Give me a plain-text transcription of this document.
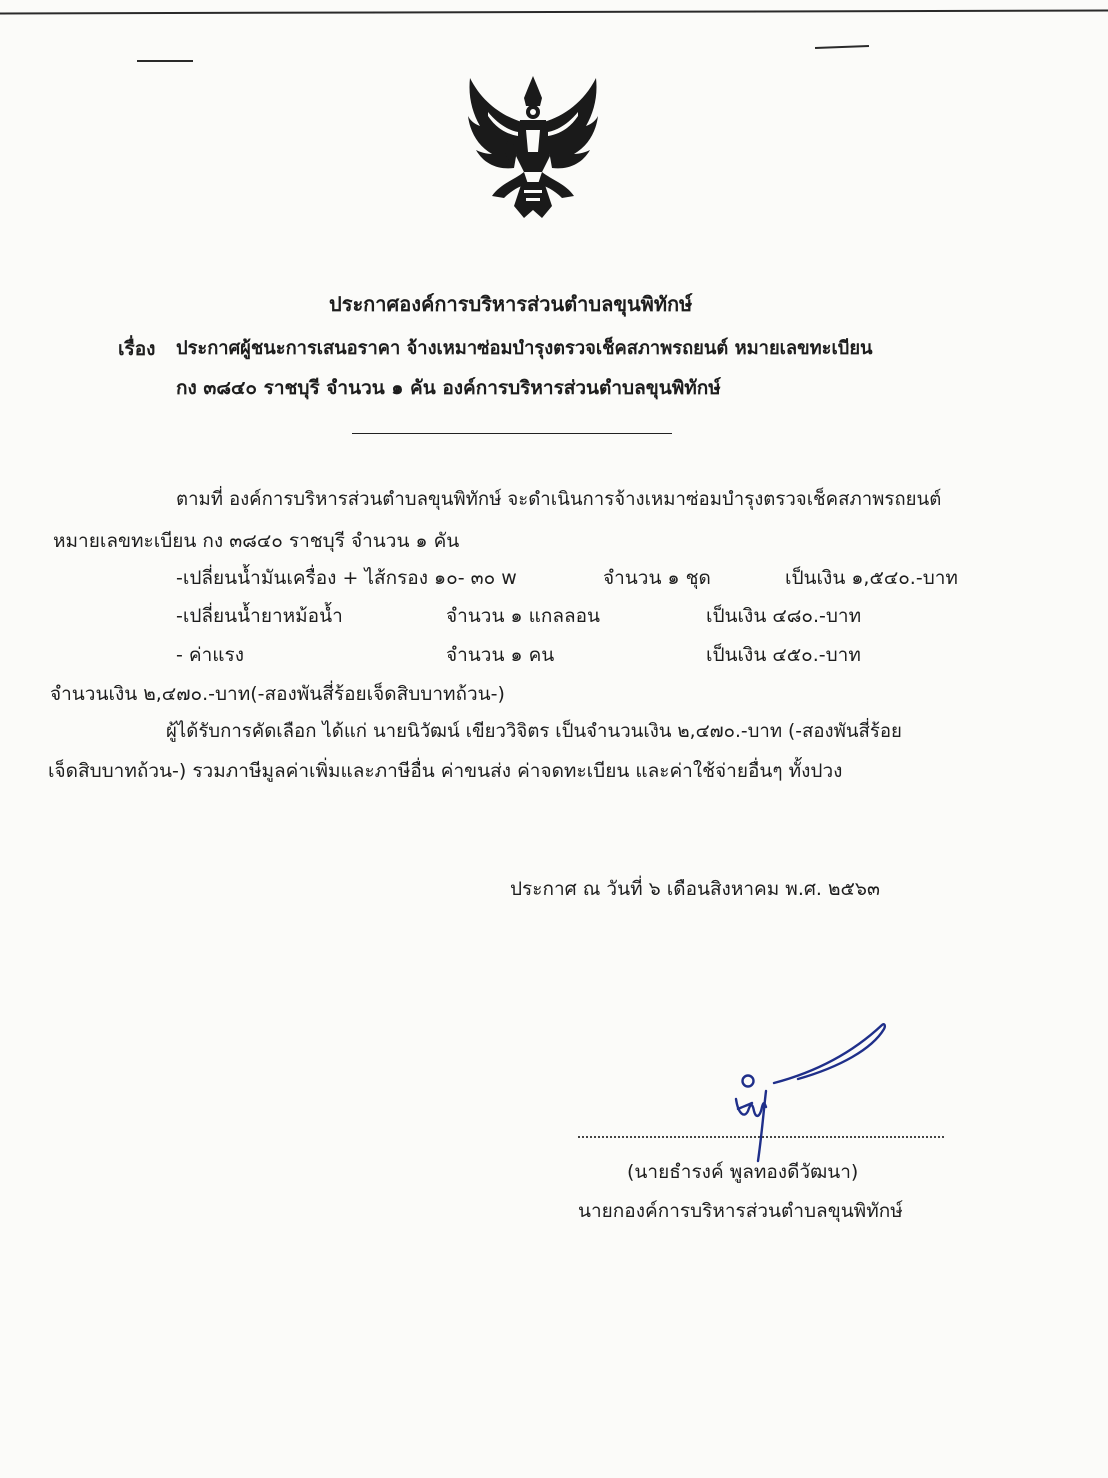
ประกาศองค์การบริหารส่วนตำบลขุนพิทักษ์
เรื่อง ประกาศผู้ชนะการเสนอราคา จ้างเหมาซ่อมบำรุงตรวจเช็คสภาพรถยนต์ หมายเลขทะเบียน
กง ๓๘๔๐ ราชบุรี จำนวน ๑ คัน องค์การบริหารส่วนตำบลขุนพิทักษ์
ตามที่ องค์การบริหารส่วนตำบลขุนพิทักษ์ จะดำเนินการจ้างเหมาซ่อมบำรุงตรวจเช็คสภาพรถยนต์
หมายเลขทะเบียน กง ๓๘๔๐ ราชบุรี จำนวน ๑ คัน
-เปลี่ยนน้ำมันเครื่อง + ไส้กรอง ๑๐- ๓๐ w	จำนวน ๑ ชุด	เป็นเงิน ๑,๕๔๐.-บาท
-เปลี่ยนน้ำยาหม้อน้ำ	จำนวน ๑ แกลลอน	เป็นเงิน ๔๘๐.-บาท
- ค่าแรง	จำนวน ๑ คน	เป็นเงิน ๔๕๐.-บาท
จำนวนเงิน ๒,๔๗๐.-บาท(-สองพันสี่ร้อยเจ็ดสิบบาทถ้วน-)
ผู้ได้รับการคัดเลือก ได้แก่ นายนิวัฒน์ เขียววิจิตร เป็นจำนวนเงิน ๒,๔๗๐.-บาท (-สองพันสี่ร้อย
เจ็ดสิบบาทถ้วน-) รวมภาษีมูลค่าเพิ่มและภาษีอื่น ค่าขนส่ง ค่าจดทะเบียน และค่าใช้จ่ายอื่นๆ ทั้งปวง
ประกาศ ณ วันที่ ๖ เดือนสิงหาคม พ.ศ. ๒๕๖๓
(นายธำรงค์ พูลทองดีวัฒนา)
นายกองค์การบริหารส่วนตำบลขุนพิทักษ์
